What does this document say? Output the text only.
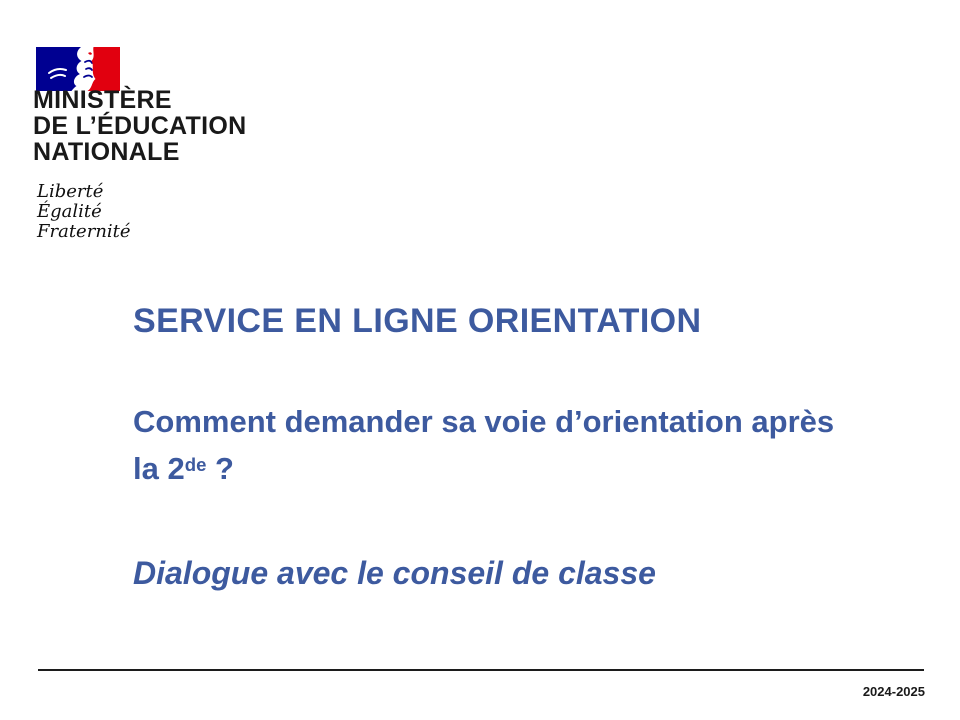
MINISTÈRE
DE L’ÉDUCATION
NATIONALE
Liberté
Égalité
Fraternité
SERVICE EN LIGNE ORIENTATION

Comment demander sa voie d’orientation après
la 2de ?

Dialogue avec le conseil de classe

2024-2025
